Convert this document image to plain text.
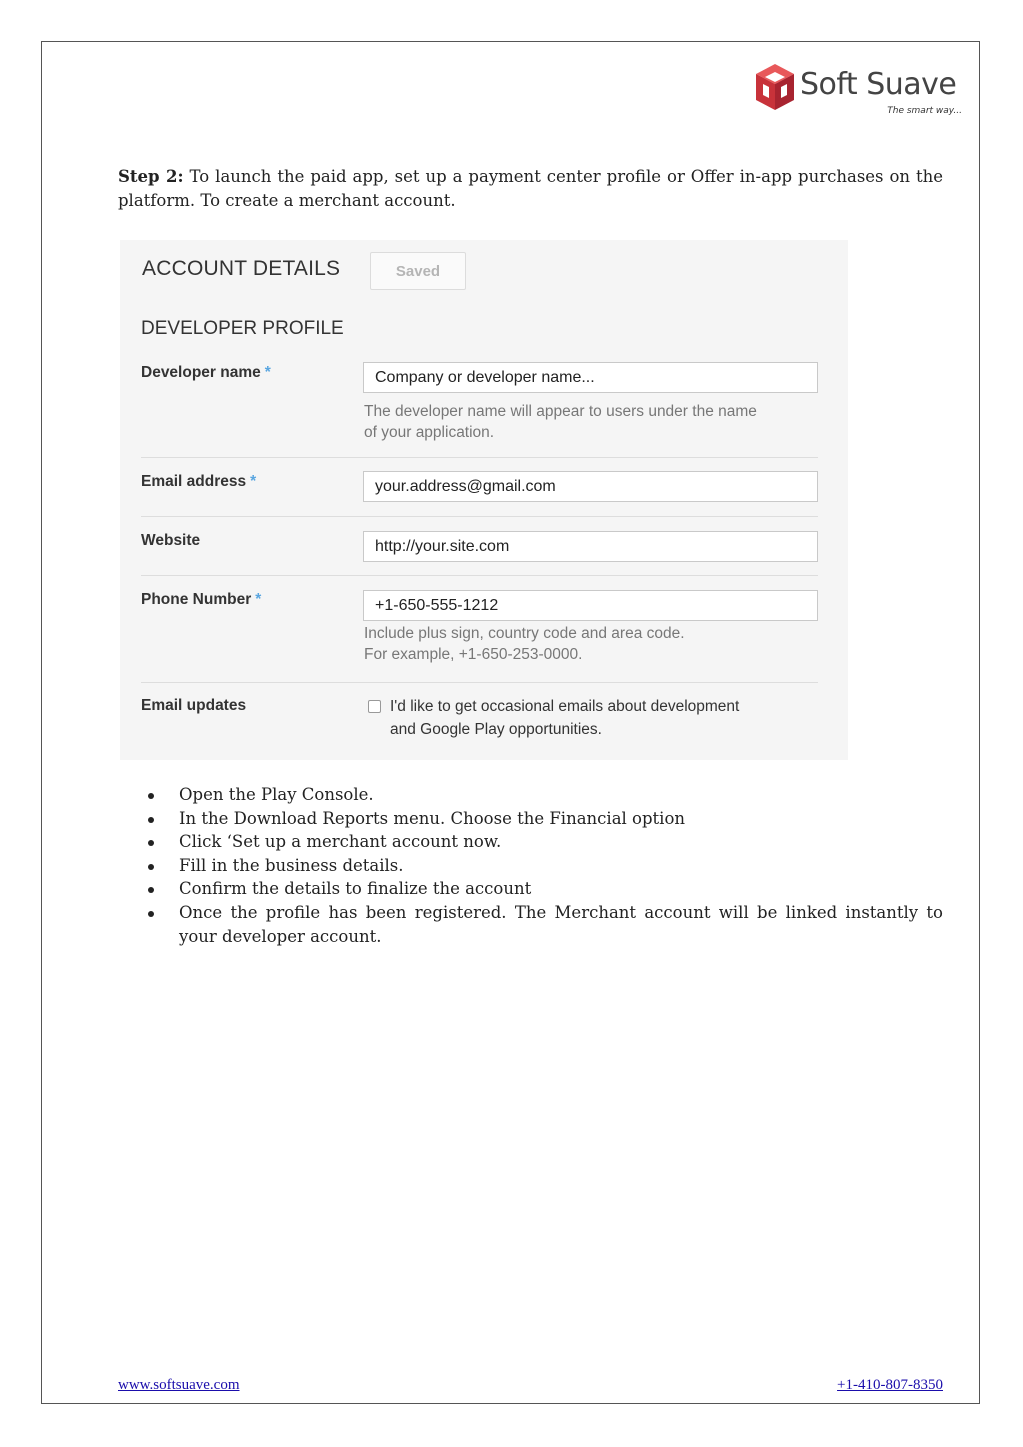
Soft Suave
The smart way...
Step 2: To launch the paid app, set up a payment center profile or Offer in-app purchases on the platform. To create a merchant account.
ACCOUNT DETAILS	Saved
DEVELOPER PROFILE
Developer name *	Company or developer name...
The developer name will appear to users under the name
of your application.
Email address *	your.address@gmail.com
Website	http://your.site.com
Phone Number *	+1-650-555-1212
Include plus sign, country code and area code.
For example, +1-650-253-0000.
Email updates	I'd like to get occasional emails about development
and Google Play opportunities.
Open the Play Console.
In the Download Reports menu. Choose the Financial option
Click ‘Set up a merchant account now.
Fill in the business details.
Confirm the details to finalize the account
Once the profile has been registered. The Merchant account will be linked instantly to your developer account.
www.softsuave.com	+1-410-807-8350
